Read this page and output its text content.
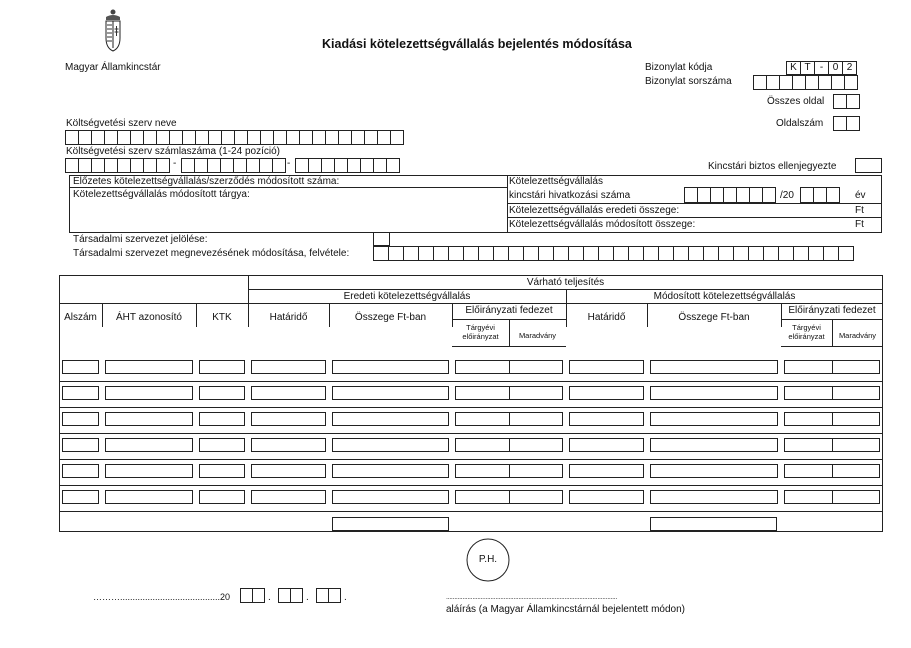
Kiadási kötelezettségvállalás bejelentés módosítása
Magyar Államkincstár	Bizonylat kódja	K T - 0 2
Bizonylat sorszáma
Összes oldal
Oldalszám
Költségvetési szerv neve
Költségvetési szerv számlaszáma (1-24 pozíció)
-	-	Kincstári biztos ellenjegyezte
Előzetes kötelezettségvállalás/szerződés módosított száma:
Kötelezettségvállalás módosított tárgya:
Kötelezettségvállalás
kincstári hivatkozási száma	/20	év
Kötelezettségvállalás eredeti összege:	Ft
Kötelezettségvállalás módosított összege:	Ft
Társadalmi szervezet jelölése:
Társadalmi szervezet megnevezésének módosítása, felvétele:
Várható teljesítés
Eredeti kötelezettségvállalás	Módosított kötelezettségvállalás
Alszám	ÁHT azonosító	KTK	Határidő	Összege Ft-ban
Előirányzati fedezet
Tárgyévi előirányzat	Maradvány
Határidő	Összege Ft-ban
Előirányzati fedezet
Tárgyévi előirányzat	Maradvány
P.H.
………........................................20	.	.	.	........................................................................................................
aláírás (a Magyar Államkincstárnál bejelentett módon)
